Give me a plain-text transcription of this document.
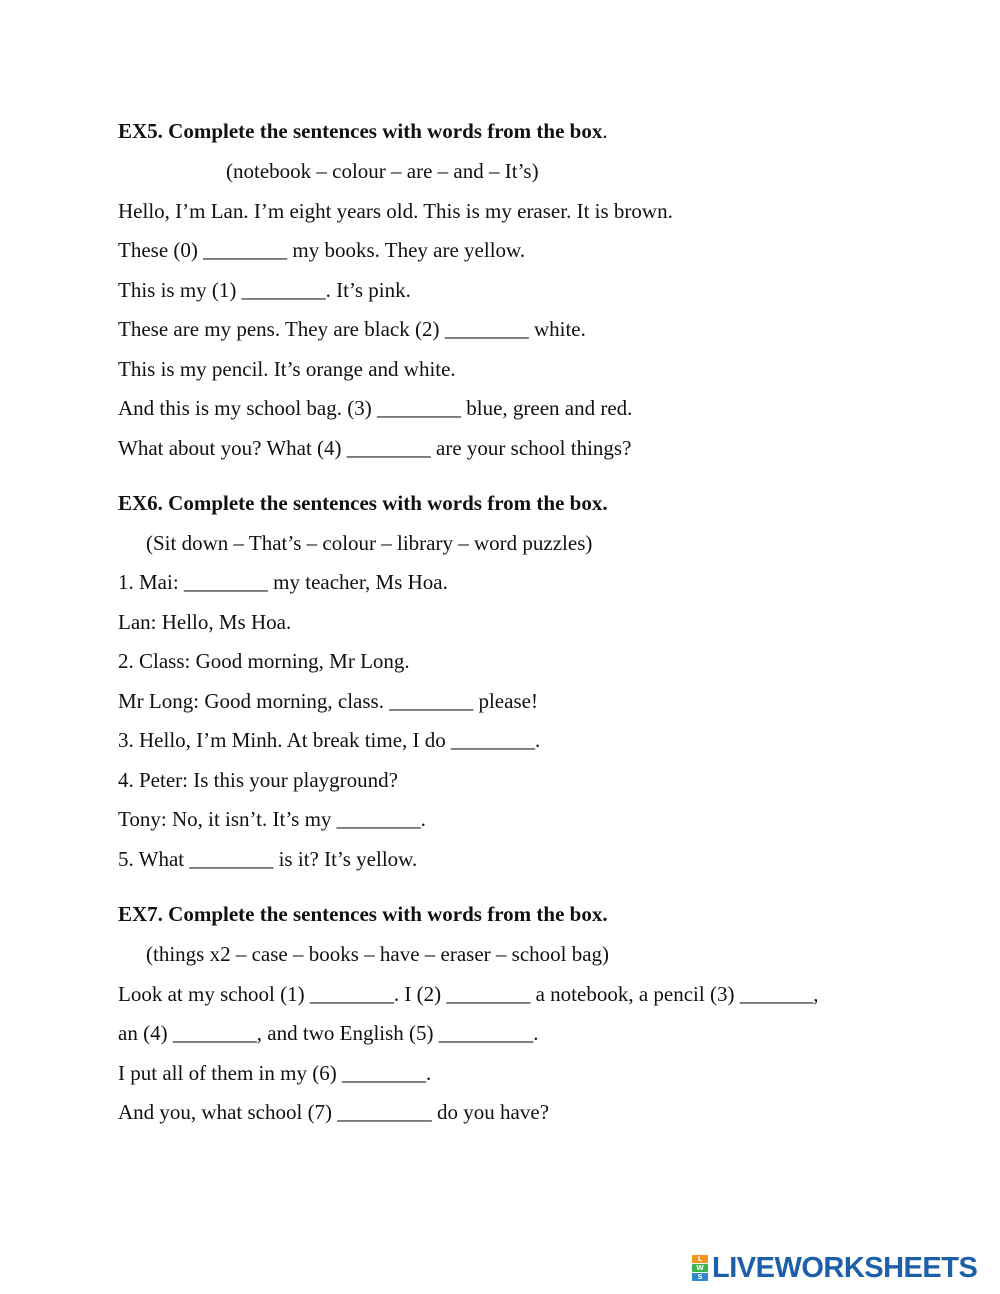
EX5. Complete the sentences with words from the box.
(notebook – colour – are – and – It’s)
Hello, I’m Lan. I’m eight years old. This is my eraser. It is brown.
These (0) ________ my books. They are yellow.
This is my (1) ________. It’s pink.
These are my pens. They are black (2) ________ white.
This is my pencil. It’s orange and white.
And this is my school bag. (3) ________ blue, green and red.
What about you? What (4) ________ are your school things?
EX6. Complete the sentences with words from the box.
(Sit down – That’s – colour – library – word puzzles)
1. Mai: ________ my teacher, Ms Hoa.
Lan: Hello, Ms Hoa.
2. Class: Good morning, Mr Long.
Mr Long: Good morning, class. ________ please!
3. Hello, I’m Minh. At break time, I do ________.
4. Peter: Is this your playground?
Tony: No, it isn’t. It’s my ________.
5. What ________ is it? It’s yellow.
EX7. Complete the sentences with words from the box.
(things x2 – case – books – have – eraser – school bag)
Look at my school (1) ________. I (2) ________ a notebook, a pencil (3) _______,
an (4) ________, and two English (5) _________.
I put all of them in my (6) ________.
And you, what school (7) _________ do you have?
L
W
S LIVEWORKSHEETS
